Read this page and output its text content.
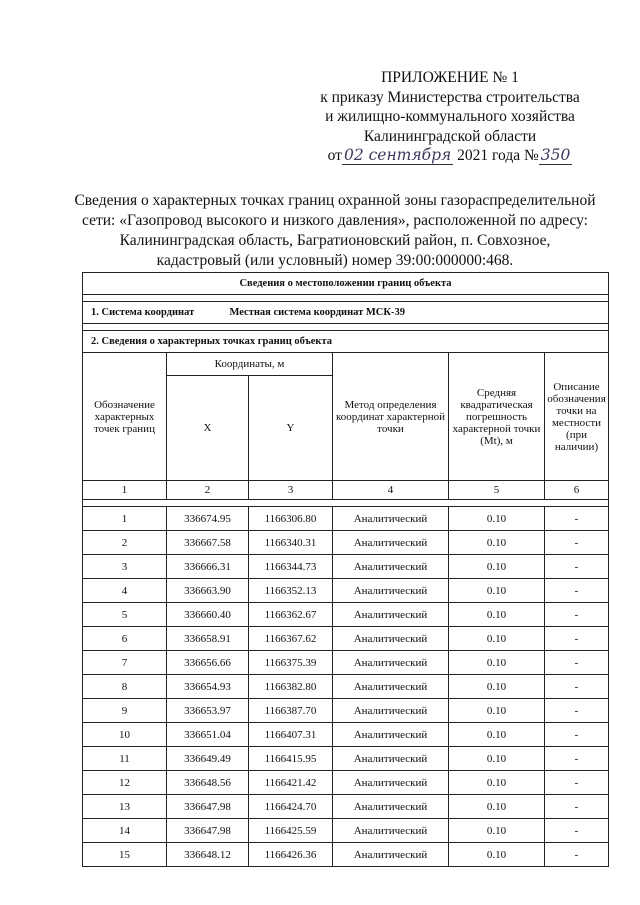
ПРИЛОЖЕНИЕ № 1
к приказу Министерства строительства
и жилищно-коммунального хозяйства
Калининградской области
от 02 сентября 2021 года № 350
Сведения о характерных точках границ охранной зоны газораспределительной
сети: «Газопровод высокого и низкого давления», расположенной по адресу:
Калининградская область, Багратионовский район, п. Совхозное,
кадастровый (или условный) номер 39:00:000000:468.
Сведения о местоположении границ объекта					

1. Система координат Местная система координат МСК-39					

2. Сведения о характерных точках границ объекта					
Обозначение характерных точек границ	Координаты, м		Метод определения координат характерной точки	Средняя квадратическая погрешность характерной точки (Mt), м	Описание обозначения точки на местности (при наличии)
	X	Y			
1	2	3	4	5	6

1	336674.95	1166306.80	Аналитический	0.10	-
2	336667.58	1166340.31	Аналитический	0.10	-
3	336666.31	1166344.73	Аналитический	0.10	-
4	336663.90	1166352.13	Аналитический	0.10	-
5	336660.40	1166362.67	Аналитический	0.10	-
6	336658.91	1166367.62	Аналитический	0.10	-
7	336656.66	1166375.39	Аналитический	0.10	-
8	336654.93	1166382.80	Аналитический	0.10	-
9	336653.97	1166387.70	Аналитический	0.10	-
10	336651.04	1166407.31	Аналитический	0.10	-
11	336649.49	1166415.95	Аналитический	0.10	-
12	336648.56	1166421.42	Аналитический	0.10	-
13	336647.98	1166424.70	Аналитический	0.10	-
14	336647.98	1166425.59	Аналитический	0.10	-
15	336648.12	1166426.36	Аналитический	0.10	-
